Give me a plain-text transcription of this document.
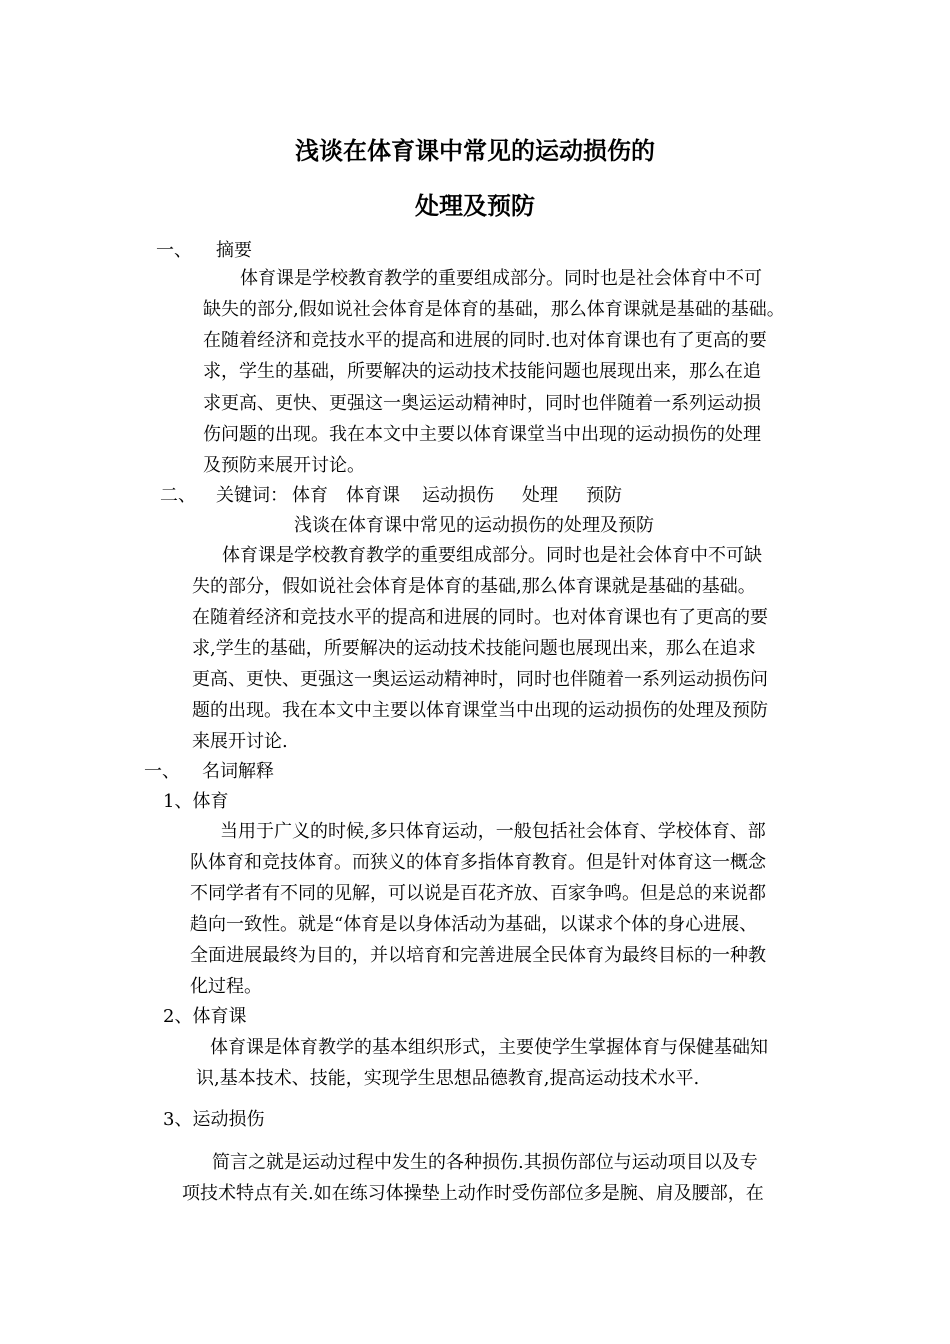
浅谈在体育课中常见的运动损伤的
处理及预防
一、 摘要
体育课是学校教育教学的重要组成部分。同时也是社会体育中不可
缺失的部分,假如说社会体育是体育的基础，那么体育课就是基础的基础。
在随着经济和竞技水平的提高和进展的同时.也对体育课也有了更高的要
求，学生的基础，所要解决的运动技术技能问题也展现出来，那么在追
求更高、更快、更强这一奥运运动精神时，同时也伴随着一系列运动损
伤问题的出现。我在本文中主要以体育课堂当中出现的运动损伤的处理
及预防来展开讨论。
二、 关键词： 体育 体育课 运动损伤 处理 预防
浅谈在体育课中常见的运动损伤的处理及预防
体育课是学校教育教学的重要组成部分。同时也是社会体育中不可缺
失的部分，假如说社会体育是体育的基础,那么体育课就是基础的基础。
在随着经济和竞技水平的提高和进展的同时。也对体育课也有了更高的要
求,学生的基础，所要解决的运动技术技能问题也展现出来，那么在追求
更高、更快、更强这一奥运运动精神时，同时也伴随着一系列运动损伤问
题的出现。我在本文中主要以体育课堂当中出现的运动损伤的处理及预防
来展开讨论.
一、 名词解释
1、体育
当用于广义的时候,多只体育运动，一般包括社会体育、学校体育、部
队体育和竞技体育。而狭义的体育多指体育教育。但是针对体育这一概念
不同学者有不同的见解，可以说是百花齐放、百家争鸣。但是总的来说都
趋向一致性。就是“体育是以身体活动为基础，以谋求个体的身心进展、
全面进展最终为目的，并以培育和完善进展全民体育为最终目标的一种教
化过程。
2、体育课
体育课是体育教学的基本组织形式，主要使学生掌握体育与保健基础知
识,基本技术、技能，实现学生思想品德教育,提高运动技术水平.
3、运动损伤
简言之就是运动过程中发生的各种损伤.其损伤部位与运动项目以及专
项技术特点有关.如在练习体操垫上动作时受伤部位多是腕、肩及腰部，在
